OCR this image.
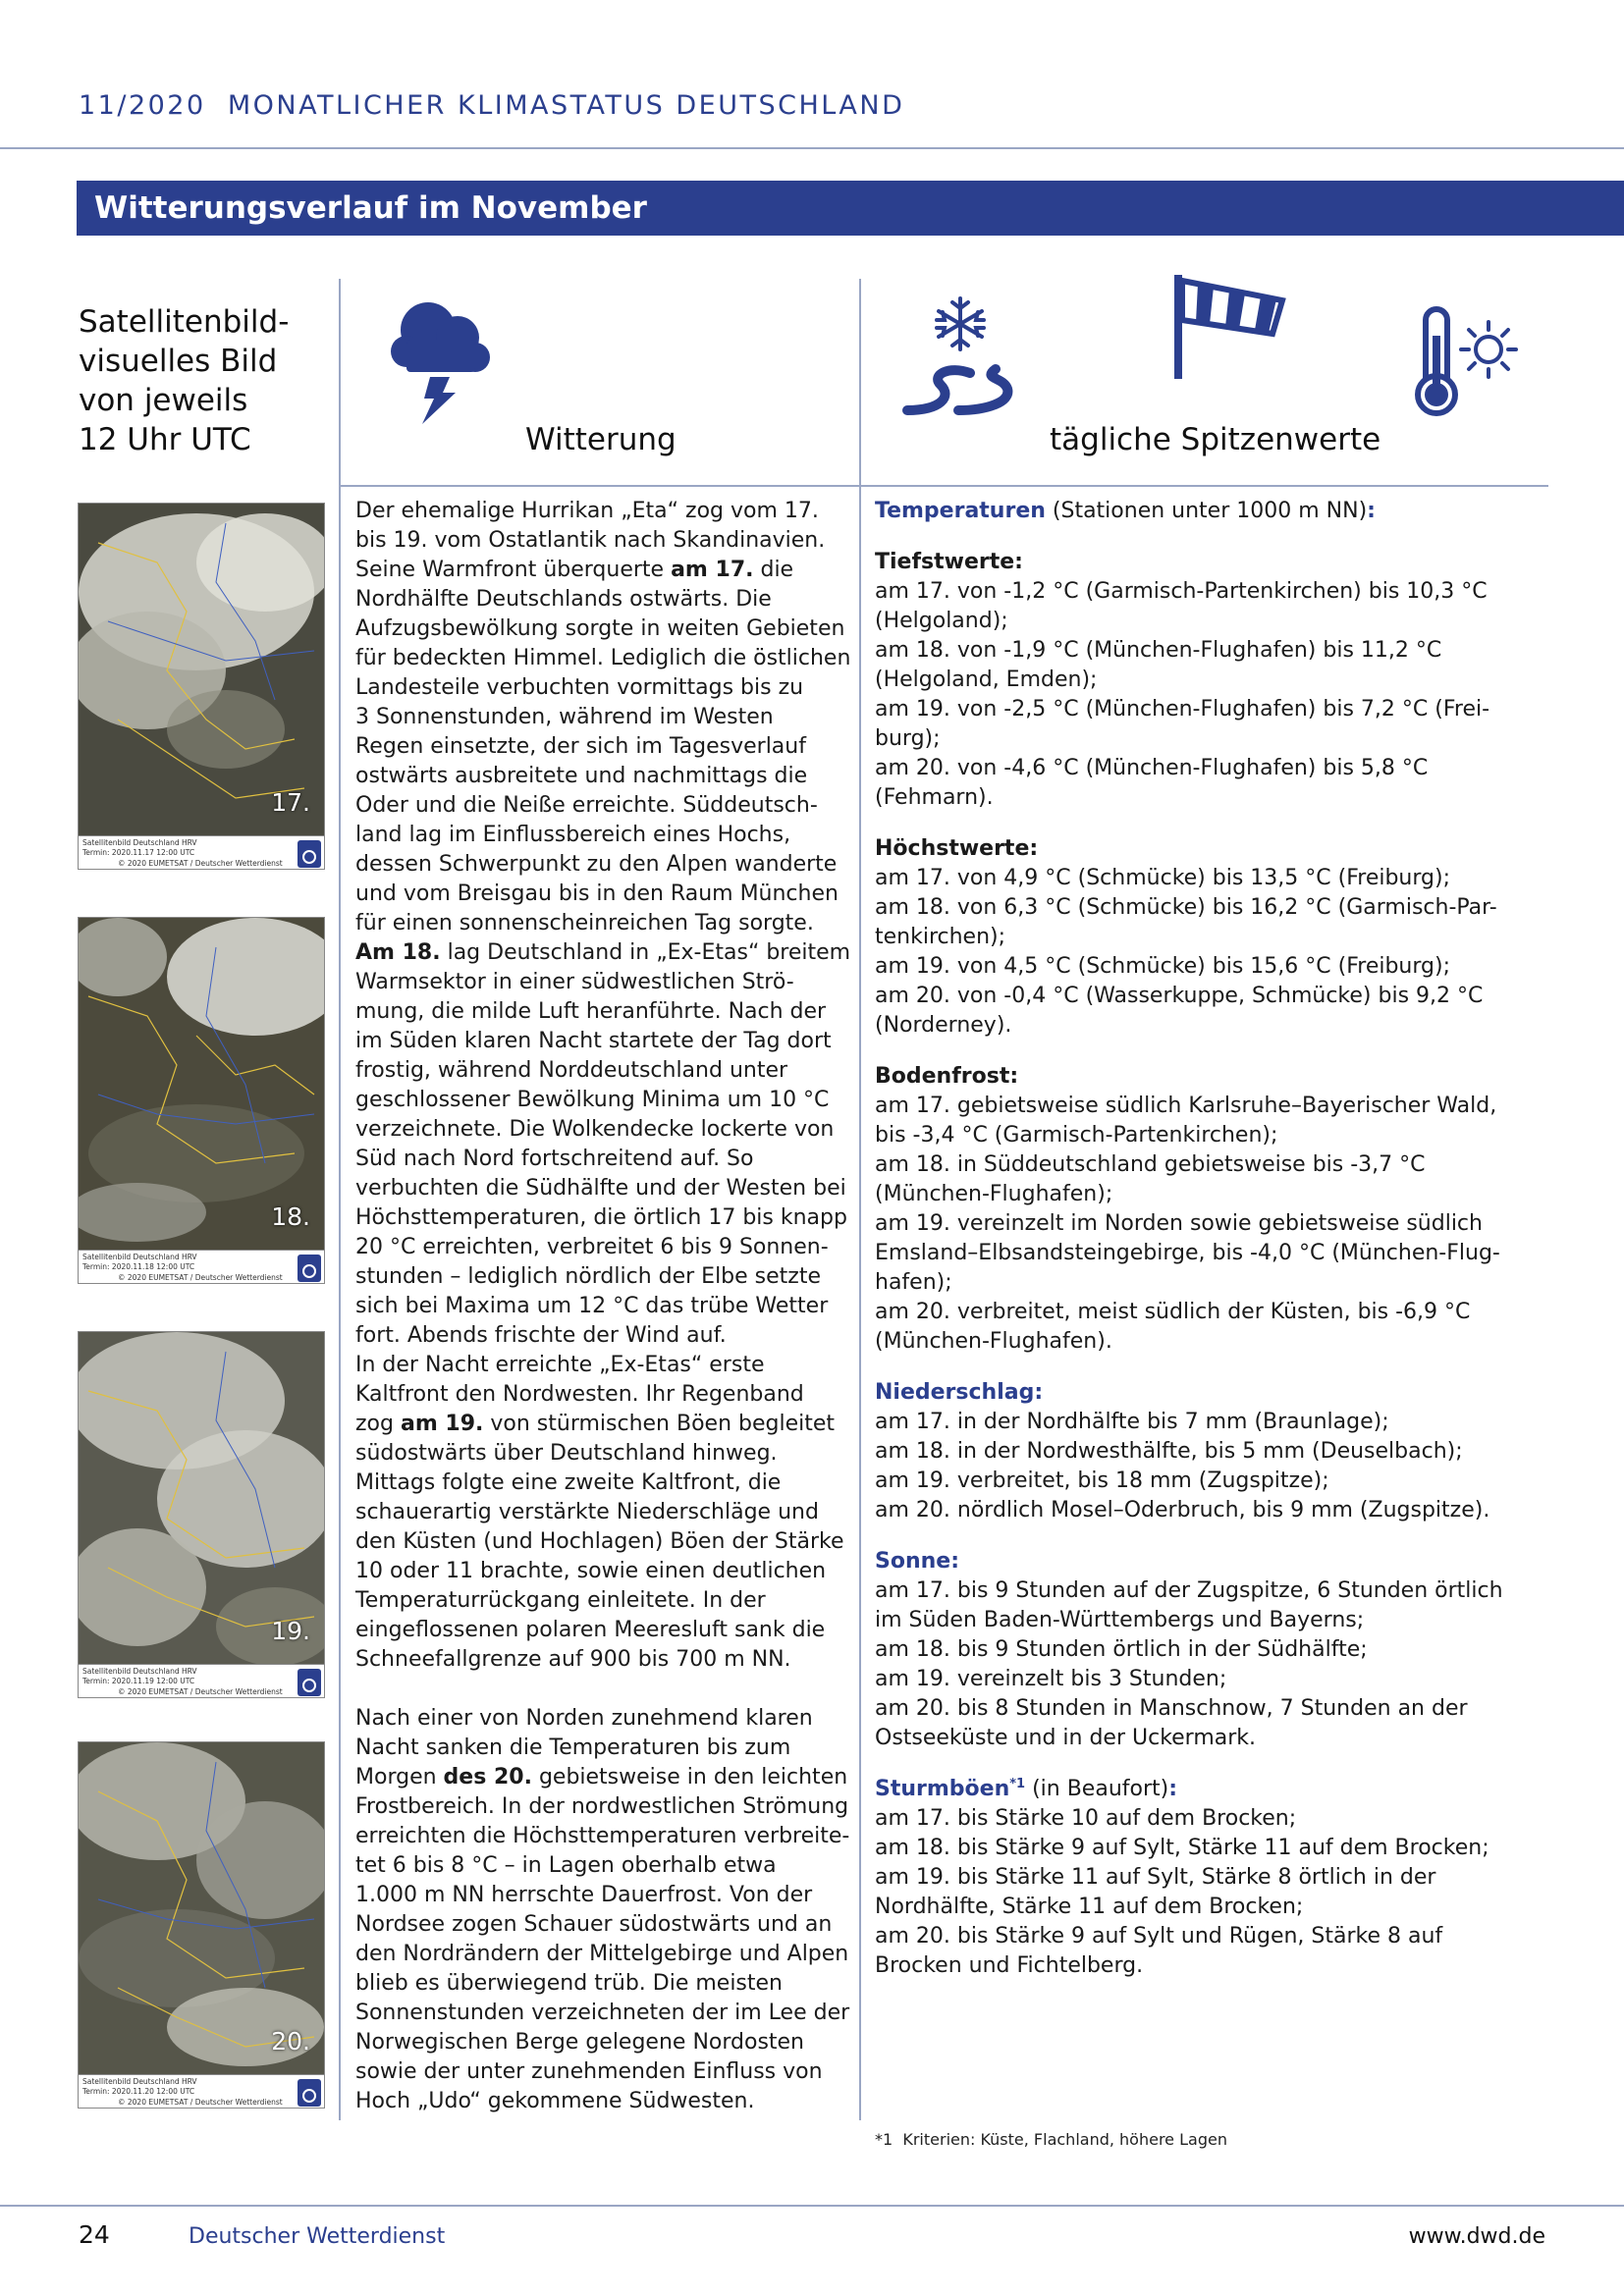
11/2020  MONATLICHER KLIMASTATUS DEUTSCHLAND
Witterungsverlauf im November
Satellitenbild-
visuelles Bild
von jeweils
12 Uhr UTC	Witterung	tägliche Spitzenwerte
17.
Satellitenbild Deutschland HRV
Termin: 2020.11.17 12:00 UTC
© 2020 EUMETSAT / Deutscher Wetterdienst
18.
Satellitenbild Deutschland HRV
Termin: 2020.11.18 12:00 UTC
© 2020 EUMETSAT / Deutscher Wetterdienst
19.
Satellitenbild Deutschland HRV
Termin: 2020.11.19 12:00 UTC
© 2020 EUMETSAT / Deutscher Wetterdienst
20.
Satellitenbild Deutschland HRV
Termin: 2020.11.20 12:00 UTC
© 2020 EUMETSAT / Deutscher Wetterdienst

Der ehemalige Hurrikan „Eta“ zog vom 17.

bis 19. vom Ostatlantik nach Skandinavien.

Seine Warmfront überquerte am 17. die

Nordhälfte Deutschlands ostwärts. Die

Aufzugsbewölkung sorgte in weiten Gebieten

für bedeckten Himmel. Lediglich die östlichen

Landesteile verbuchten vormittags bis zu

3 Sonnenstunden, während im Westen

Regen einsetzte, der sich im Tagesverlauf

ostwärts ausbreitete und nachmittags die

Oder und die Neiße erreichte. Süddeutsch-

land lag im Einflussbereich eines Hochs,

dessen Schwerpunkt zu den Alpen wanderte

und vom Breisgau bis in den Raum München

für einen sonnenscheinreichen Tag sorgte.

Am 18. lag Deutschland in „Ex-Etas“ breitem

Warmsektor in einer südwestlichen Strö-

mung, die milde Luft heranführte. Nach der

im Süden klaren Nacht startete der Tag dort

frostig, während Norddeutschland unter

geschlossener Bewölkung Minima um 10 °C

verzeichnete. Die Wolkendecke lockerte von

Süd nach Nord fortschreitend auf. So

verbuchten die Südhälfte und der Westen bei

Höchsttemperaturen, die örtlich 17 bis knapp

20 °C erreichten, verbreitet 6 bis 9 Sonnen-

stunden – lediglich nördlich der Elbe setzte

sich bei Maxima um 12 °C das trübe Wetter

fort. Abends frischte der Wind auf.

In der Nacht erreichte „Ex-Etas“ erste

Kaltfront den Nordwesten. Ihr Regenband

zog am 19. von stürmischen Böen begleitet

südostwärts über Deutschland hinweg.

Mittags folgte eine zweite Kaltfront, die

schauerartig verstärkte Niederschläge und

den Küsten (und Hochlagen) Böen der Stärke

10 oder 11 brachte, sowie einen deutlichen

Temperaturrückgang einleitete. In der

eingeflossenen polaren Meeresluft sank die

Schneefallgrenze auf 900 bis 700 m NN.

Nach einer von Norden zunehmend klaren

Nacht sanken die Temperaturen bis zum

Morgen des 20. gebietsweise in den leichten

Frostbereich. In der nordwestlichen Strömung

erreichten die Höchsttemperaturen verbreite-

tet 6 bis 8 °C – in Lagen oberhalb etwa

1.000 m NN herrschte Dauerfrost. Von der

Nordsee zogen Schauer südostwärts und an

den Nordrändern der Mittelgebirge und Alpen

blieb es überwiegend trüb. Die meisten

Sonnenstunden verzeichneten der im Lee der

Norwegischen Berge gelegene Nordosten

sowie der unter zunehmenden Einfluss von

Hoch „Udo“ gekommene Südwesten.

Temperaturen (Stationen unter 1000 m NN):

Tiefstwerte:

am 17. von -1,2 °C (Garmisch-Partenkirchen) bis 10,3 °C

(Helgoland);

am 18. von -1,9 °C (München-Flughafen) bis 11,2 °C

(Helgoland, Emden);

am 19. von -2,5 °C (München-Flughafen) bis 7,2 °C (Frei-

burg);

am 20. von -4,6 °C (München-Flughafen) bis 5,8 °C

(Fehmarn).

Höchstwerte:

am 17. von 4,9 °C (Schmücke) bis 13,5 °C (Freiburg);

am 18. von 6,3 °C (Schmücke) bis 16,2 °C (Garmisch-Par-

tenkirchen);

am 19. von 4,5 °C (Schmücke) bis 15,6 °C (Freiburg);

am 20. von -0,4 °C (Wasserkuppe, Schmücke) bis 9,2 °C

(Norderney).

Bodenfrost:

am 17. gebietsweise südlich Karlsruhe–Bayerischer Wald,

bis -3,4 °C (Garmisch-Partenkirchen);

am 18. in Süddeutschland gebietsweise bis -3,7 °C

(München-Flughafen);

am 19. vereinzelt im Norden sowie gebietsweise südlich

Emsland–Elbsandsteingebirge, bis -4,0 °C (München-Flug-

hafen);

am 20. verbreitet, meist südlich der Küsten, bis -6,9 °C

(München-Flughafen).

Niederschlag:

am 17. in der Nordhälfte bis 7 mm (Braunlage);

am 18. in der Nordwesthälfte, bis 5 mm (Deuselbach);

am 19. verbreitet, bis 18 mm (Zugspitze);

am 20. nördlich Mosel–Oderbruch, bis 9 mm (Zugspitze).

Sonne:

am 17. bis 9 Stunden auf der Zugspitze, 6 Stunden örtlich

im Süden Baden-Württembergs und Bayerns;

am 18. bis 9 Stunden örtlich in der Südhälfte;

am 19. vereinzelt bis 3 Stunden;

am 20. bis 8 Stunden in Manschnow, 7 Stunden an der

Ostseeküste und in der Uckermark.

Sturmböen$^{*1}$ (in Beaufort):

am 17. bis Stärke 10 auf dem Brocken;

am 18. bis Stärke 9 auf Sylt, Stärke 11 auf dem Brocken;

am 19. bis Stärke 11 auf Sylt, Stärke 8 örtlich in der

Nordhälfte, Stärke 11 auf dem Brocken;

am 20. bis Stärke 9 auf Sylt und Rügen, Stärke 8 auf

Brocken und Fichtelberg.

*1  Kriterien: Küste, Flachland, höhere Lagen
24	Deutscher Wetterdienst	www.dwd.de
